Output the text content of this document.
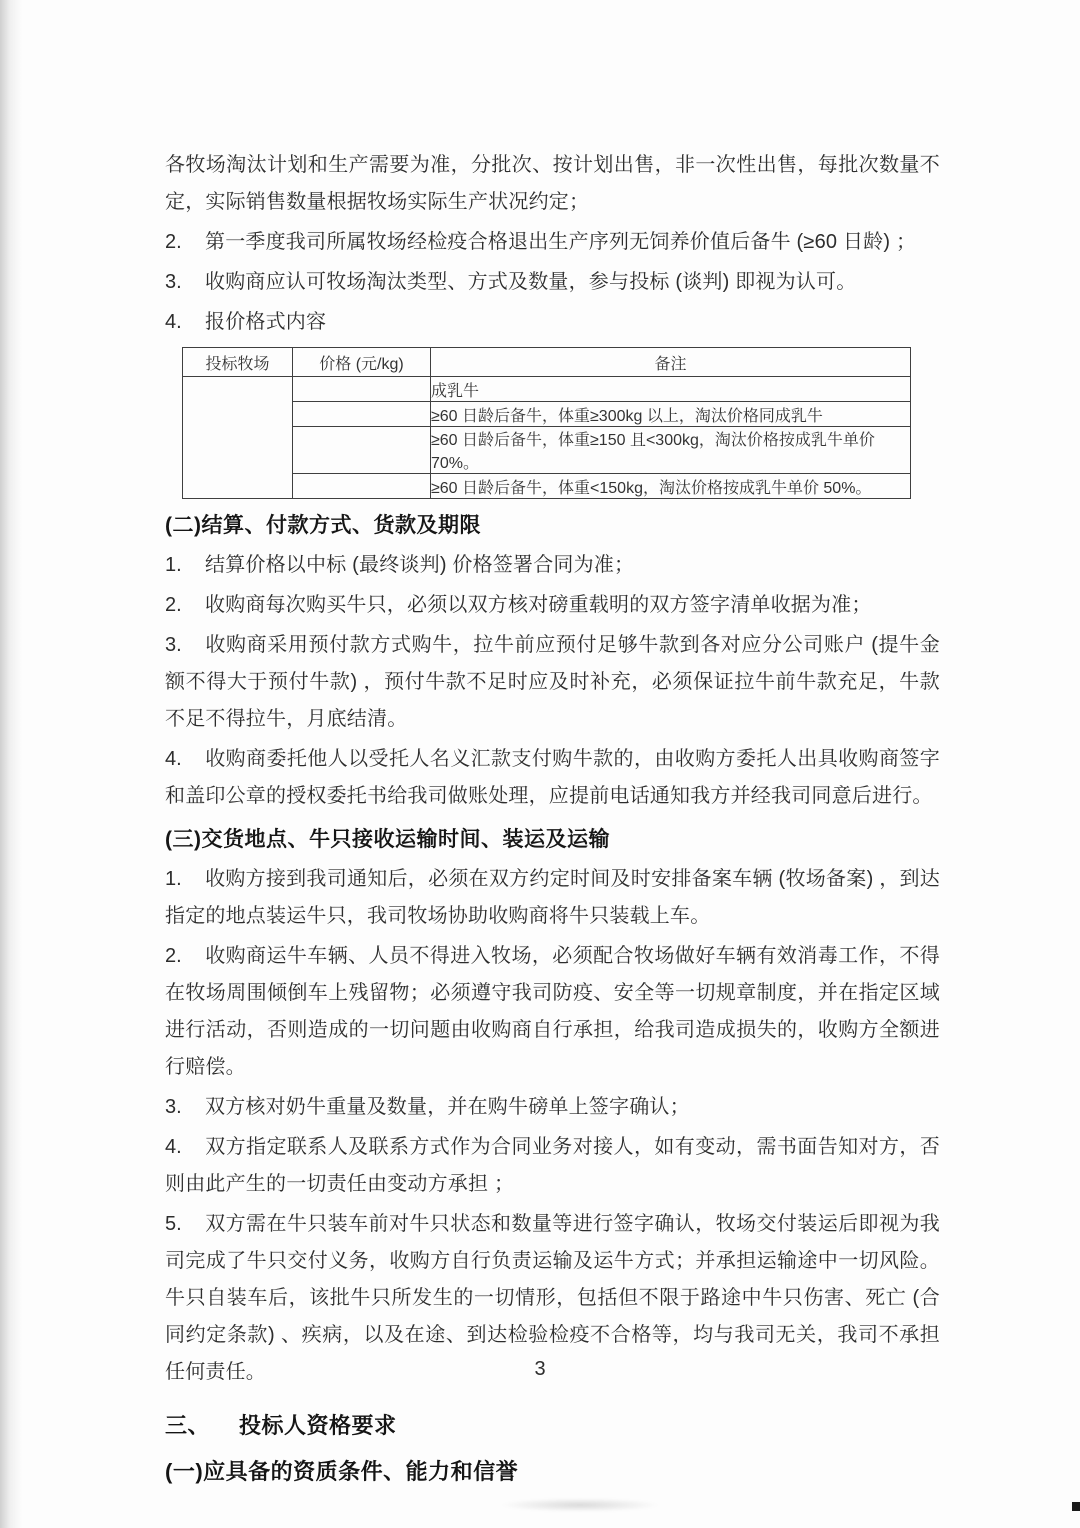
各牧场淘汰计划和生产需要为准，分批次、按计划出售，非一次性出售，每批次数量不定，实际销售数量根据牧场实际生产状况约定；

2. 第一季度我司所属牧场经检疫合格退出生产序列无饲养价值后备牛 (≥60 日龄) ；

3. 收购商应认可牧场淘汰类型、方式及数量，参与投标 (谈判) 即视为认可。

4. 报价格式内容

投标牧场	价格 (元/kg)	备注
		成乳牛
		≥60 日龄后备牛，体重≥300kg 以上，淘汰价格同成乳牛
		≥60 日龄后备牛，体重≥150 且<300kg，淘汰价格按成乳牛单价 70%。
		≥60 日龄后备牛，体重<150kg，淘汰价格按成乳牛单价 50%。
(二)结算、付款方式、货款及期限

1. 结算价格以中标 (最终谈判) 价格签署合同为准；

2. 收购商每次购买牛只，必须以双方核对磅重载明的双方签字清单收据为准；

3. 收购商采用预付款方式购牛，拉牛前应预付足够牛款到各对应分公司账户 (提牛金额不得大于预付牛款) ，预付牛款不足时应及时补充，必须保证拉牛前牛款充足，牛款不足不得拉牛，月底结清。

4. 收购商委托他人以受托人名义汇款支付购牛款的，由收购方委托人出具收购商签字和盖印公章的授权委托书给我司做账处理，应提前电话通知我方并经我司同意后进行。

(三)交货地点、牛只接收运输时间、装运及运输

1. 收购方接到我司通知后，必须在双方约定时间及时安排备案车辆 (牧场备案) ，到达指定的地点装运牛只，我司牧场协助收购商将牛只装载上车。

2. 收购商运牛车辆、人员不得进入牧场，必须配合牧场做好车辆有效消毒工作，不得在牧场周围倾倒车上残留物；必须遵守我司防疫、安全等一切规章制度，并在指定区域进行活动，否则造成的一切问题由收购商自行承担，给我司造成损失的，收购方全额进行赔偿。

3. 双方核对奶牛重量及数量，并在购牛磅单上签字确认；

4. 双方指定联系人及联系方式作为合同业务对接人，如有变动，需书面告知对方，否则由此产生的一切责任由变动方承担 ；

5. 双方需在牛只装车前对牛只状态和数量等进行签字确认，牧场交付装运后即视为我司完成了牛只交付义务，收购方自行负责运输及运牛方式；并承担运输途中一切风险。 牛只自装车后，该批牛只所发生的一切情形，包括但不限于路途中牛只伤害、死亡 (合同约定条款) 、疾病，以及在途、到达检验检疫不合格等，均与我司无关，我司不承担任何责任。

三、 投标人资格要求
(一)应具备的资质条件、能力和信誉
3
